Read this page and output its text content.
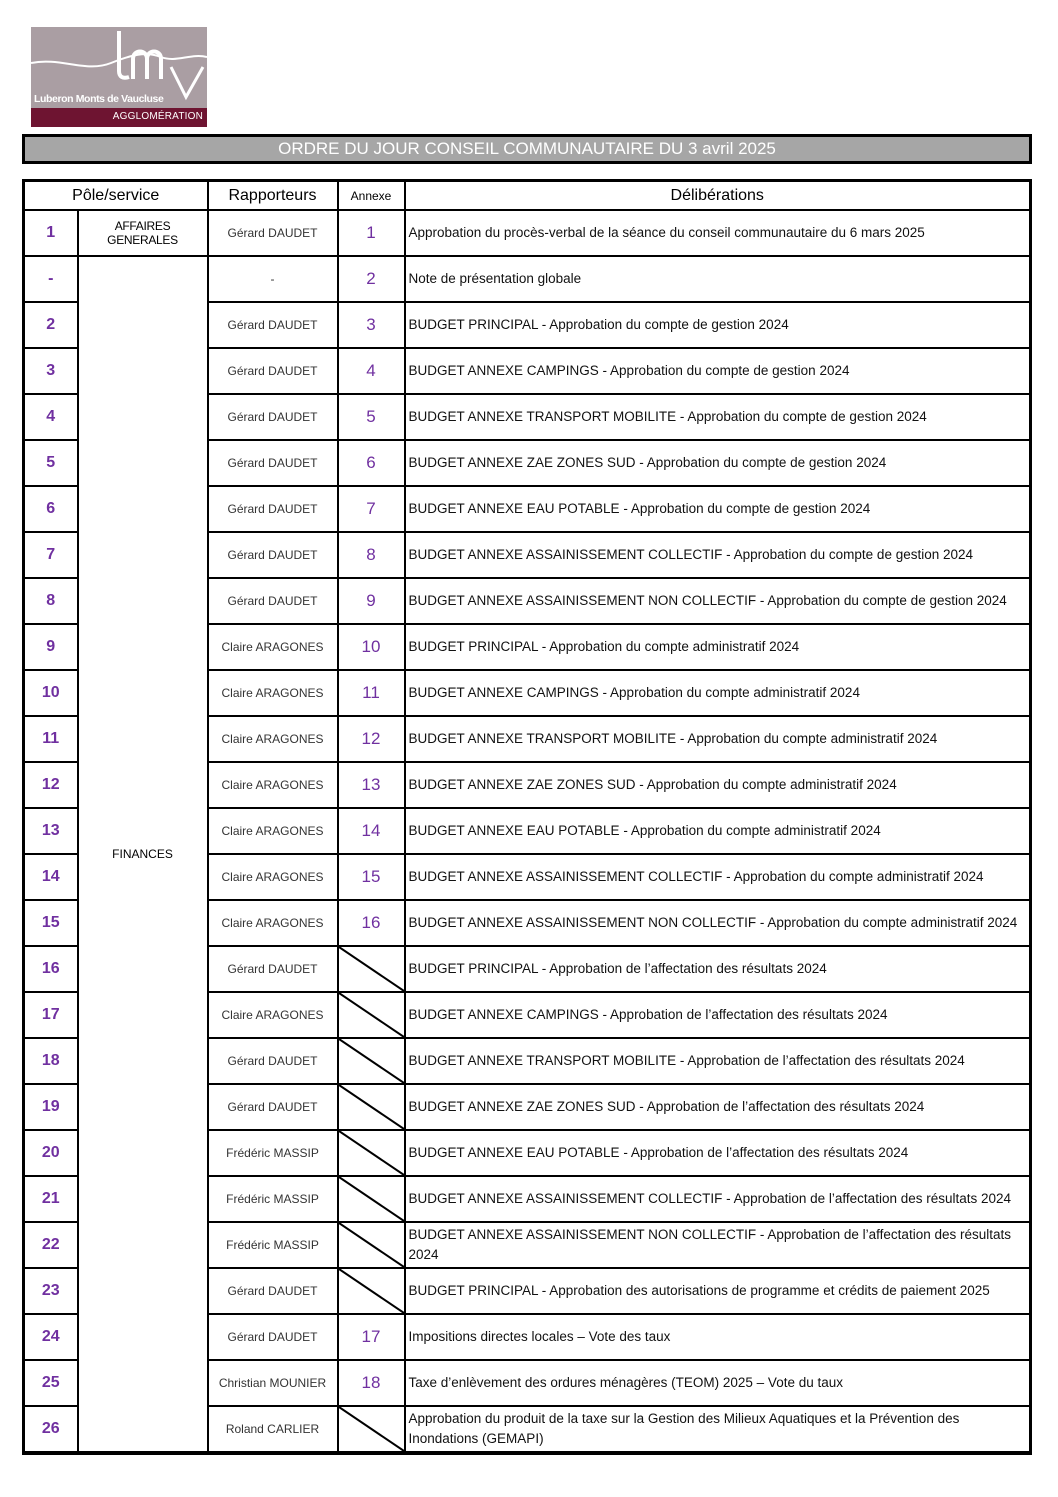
Luberon Monts de Vaucluse
AGGLOMÉRATION
ORDRE DU JOUR CONSEIL COMMUNAUTAIRE DU 3 avril 2025
Pôle/service		Rapporteurs	Annexe	Délibérations
1	AFFAIRES GENERALES	Gérard DAUDET	1	Approbation du procès-verbal de la séance du conseil communautaire du 6 mars 2025
-	FINANCES	-	2	Note de présentation globale
2		Gérard DAUDET	3	BUDGET PRINCIPAL - Approbation du compte de gestion 2024
3		Gérard DAUDET	4	BUDGET ANNEXE CAMPINGS - Approbation du compte de gestion 2024
4		Gérard DAUDET	5	BUDGET ANNEXE TRANSPORT MOBILITE - Approbation du compte de gestion 2024
5		Gérard DAUDET	6	BUDGET ANNEXE ZAE ZONES SUD - Approbation du compte de gestion 2024
6		Gérard DAUDET	7	BUDGET ANNEXE EAU POTABLE - Approbation du compte de gestion 2024
7		Gérard DAUDET	8	BUDGET ANNEXE ASSAINISSEMENT COLLECTIF - Approbation du compte de gestion 2024
8		Gérard DAUDET	9	BUDGET ANNEXE ASSAINISSEMENT NON COLLECTIF - Approbation du compte de gestion 2024
9		Claire ARAGONES	10	BUDGET PRINCIPAL - Approbation du compte administratif 2024
10		Claire ARAGONES	11	BUDGET ANNEXE CAMPINGS - Approbation du compte administratif 2024
11		Claire ARAGONES	12	BUDGET ANNEXE TRANSPORT MOBILITE - Approbation du compte administratif 2024
12		Claire ARAGONES	13	BUDGET ANNEXE ZAE ZONES SUD - Approbation du compte administratif 2024
13		Claire ARAGONES	14	BUDGET ANNEXE EAU POTABLE - Approbation du compte administratif 2024
14		Claire ARAGONES	15	BUDGET ANNEXE ASSAINISSEMENT COLLECTIF - Approbation du compte administratif 2024
15		Claire ARAGONES	16	BUDGET ANNEXE ASSAINISSEMENT NON COLLECTIF - Approbation du compte administratif 2024
16		Gérard DAUDET		BUDGET PRINCIPAL - Approbation de l’affectation des résultats 2024
17		Claire ARAGONES		BUDGET ANNEXE CAMPINGS - Approbation de l’affectation des résultats 2024
18		Gérard DAUDET		BUDGET ANNEXE TRANSPORT MOBILITE - Approbation de l’affectation des résultats 2024
19		Gérard DAUDET		BUDGET ANNEXE ZAE ZONES SUD - Approbation de l’affectation des résultats 2024
20		Frédéric MASSIP		BUDGET ANNEXE EAU POTABLE - Approbation de l’affectation des résultats 2024
21		Frédéric MASSIP		BUDGET ANNEXE ASSAINISSEMENT COLLECTIF - Approbation de l’affectation des résultats 2024
22		Frédéric MASSIP		BUDGET ANNEXE ASSAINISSEMENT NON COLLECTIF - Approbation de l’affectation des résultats 2024
23		Gérard DAUDET		BUDGET PRINCIPAL - Approbation des autorisations de programme et crédits de paiement 2025
24		Gérard DAUDET	17	Impositions directes locales – Vote des taux
25		Christian MOUNIER	18	Taxe d’enlèvement des ordures ménagères (TEOM) 2025 – Vote du taux
26		Roland CARLIER		Approbation du produit de la taxe sur la Gestion des Milieux Aquatiques et la Prévention des Inondations (GEMAPI)
